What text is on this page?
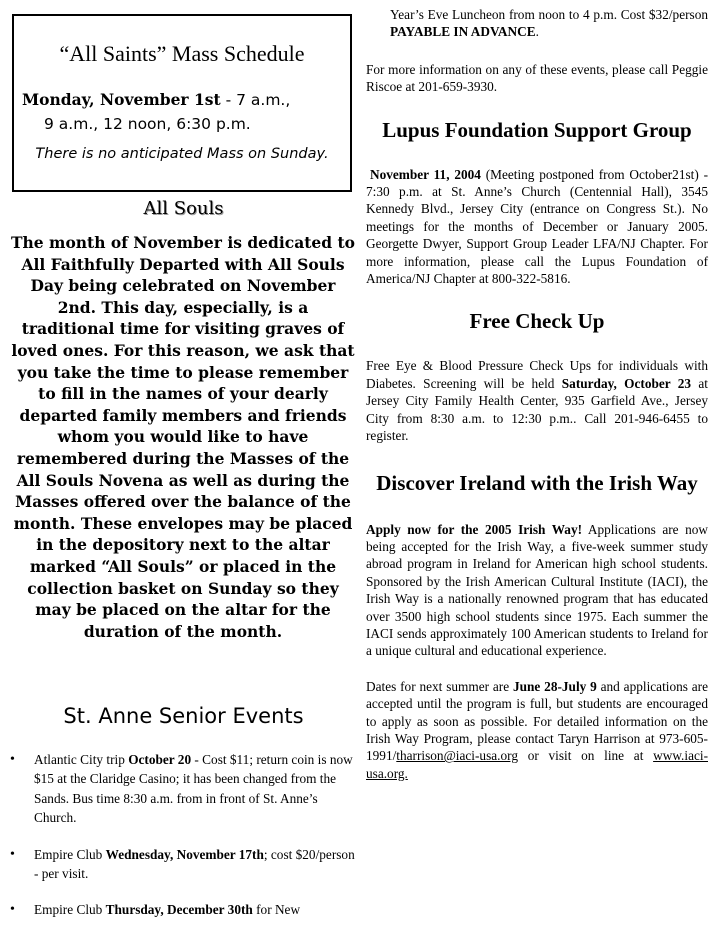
“All Saints” Mass Schedule
Monday, November 1st - 7 a.m.,
9 a.m., 12 noon, 6:30 p.m.
There is no anticipated Mass on Sunday.
All Souls
The month of November is dedicated to All Faithfully Departed with All Souls Day being celebrated on November 2nd. This day, especially, is a traditional time for visiting graves of loved ones. For this reason, we ask that you take the time to please remember to fill in the names of your dearly departed family members and friends whom you would like to have remembered during the Masses of the All Souls Novena as well as during the Masses offered over the balance of the month. These envelopes may be placed in the depository next to the altar marked “All Souls” or placed in the collection basket on Sunday so they may be placed on the altar for the duration of the month.
St. Anne Senior Events
• Atlantic City trip October 20 - Cost $11; return coin is now $15 at the Claridge Casino; it has been changed from the Sands. Bus time 8:30 a.m. from in front of St. Anne’s Church.
• Empire Club Wednesday, November 17th; cost $20/person - per visit.
• Empire Club Thursday, December 30th for New

Year’s Eve Luncheon from noon to 4 p.m. Cost $32/person PAYABLE IN ADVANCE.

For more information on any of these events, please call Peggie Riscoe at 201-659-3930.

Lupus Foundation Support Group

November 11, 2004 (Meeting postponed from October21st) - 7:30 p.m. at St. Anne’s Church (Centennial Hall), 3545 Kennedy Blvd., Jersey City (entrance on Congress St.). No meetings for the months of December or January 2005. Georgette Dwyer, Support Group Leader LFA/NJ Chapter. For more information, please call the Lupus Foundation of America/NJ Chapter at 800-322-5816.

Free Check Up

Free Eye & Blood Pressure Check Ups for individuals with Diabetes. Screening will be held Saturday, October 23 at Jersey City Family Health Center, 935 Garfield Ave., Jersey City from 8:30 a.m. to 12:30 p.m.. Call 201-946-6455 to register.

Discover Ireland with the Irish Way

Apply now for the 2005 Irish Way! Applications are now being accepted for the Irish Way, a five-week summer study abroad program in Ireland for American high school students. Sponsored by the Irish American Cultural Institute (IACI), the Irish Way is a nationally renowned program that has educated over 3500 high school students since 1975. Each summer the IACI sends approximately 100 American students to Ireland for a unique cultural and educational experience.

Dates for next summer are June 28-July 9 and applications are accepted until the program is full, but students are encouraged to apply as soon as possible. For detailed information on the Irish Way Program, please contact Taryn Harrison at 973-605-1991/tharrison@iaci-usa.org or visit on line at www.iaci-usa.org.
